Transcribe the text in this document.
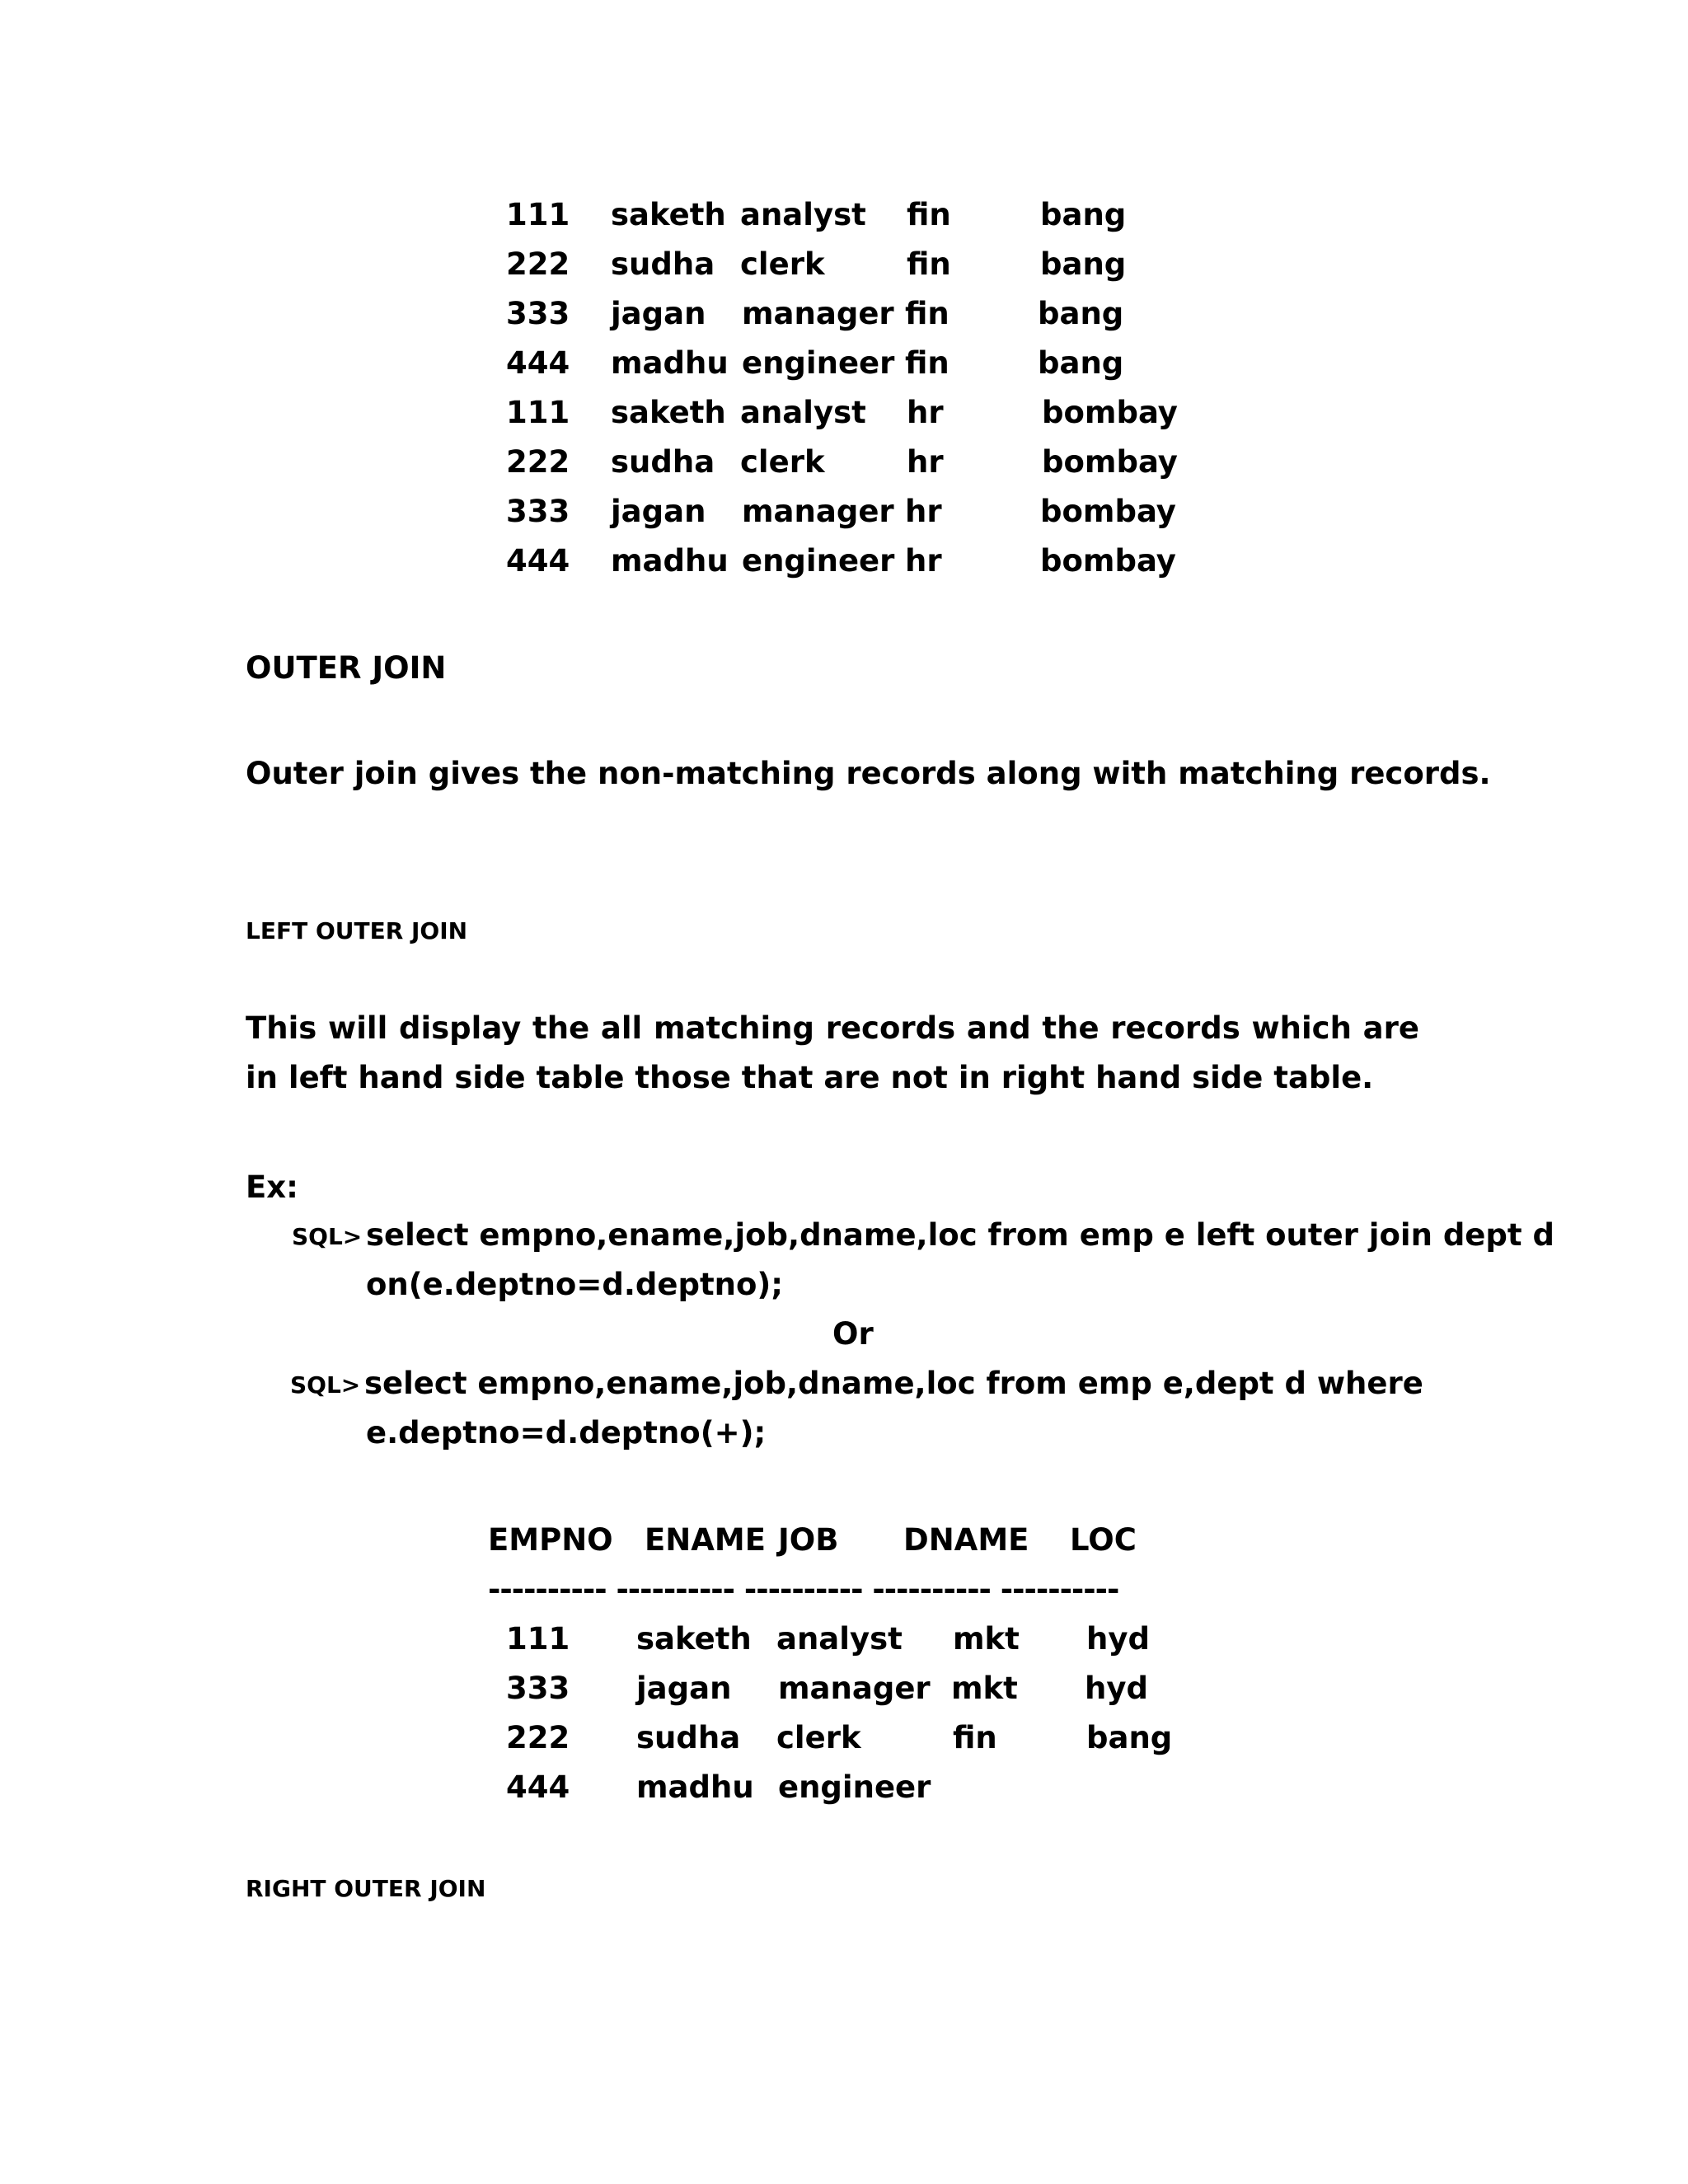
111 saketh analyst fin	bang
222 sudha clerk	fin	bang
333 jagan manager fin	bang
444 madhu engineer fin	bang
111 saketh analyst hr	bombay
222 sudha clerk	hr	bombay
333 jagan manager hr	bombay
444 madhu engineer hr	bombay
OUTER JOIN
Outer join gives the non-matching records along with matching records.
LEFT OUTER JOIN
This will display the all matching records and the records which are in left hand side table those that are not in right hand side table.
Ex:
SQL> select empno,ename,job,dname,loc from emp e left outer join dept d
on(e.deptno=d.deptno);
Or
SQL> select empno,ename,job,dname,loc from emp e,dept d where
e.deptno=d.deptno(+);
EMPNO ENAME JOB DNAME LOC
---------- ---------- ---------- ---------- ----------
111 saketh analyst mkt hyd
333 jagan manager mkt hyd
222 sudha clerk	fin	bang
444 madhu engineer
RIGHT OUTER JOIN
